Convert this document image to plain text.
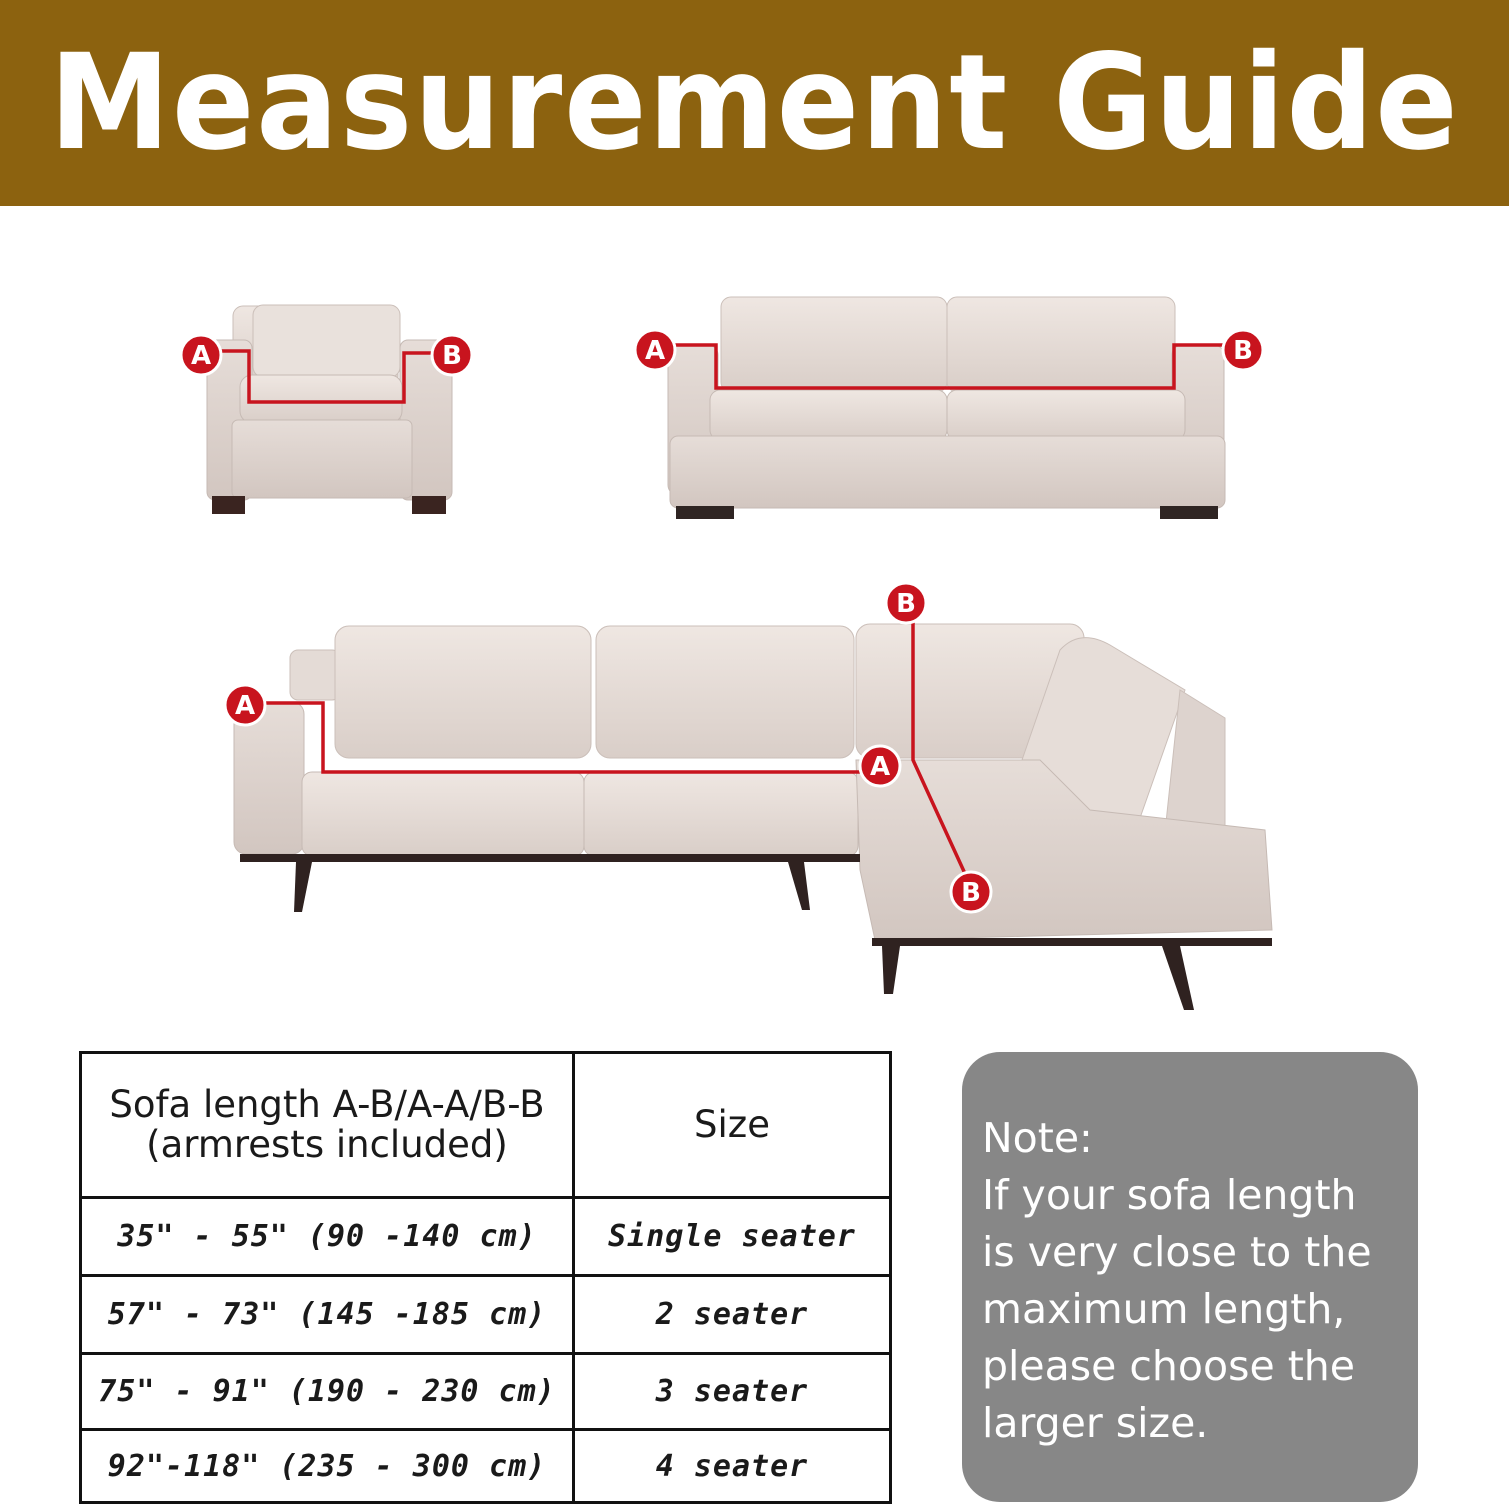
Measurement Guide
A	B	A	B
A
A
B
B
Sofa length A-B/A-A/B-B
(armrests included)	Size
35" - 55" (90 -140 cm)	Single seater
57" - 73" (145 -185 cm)	2 seater
75" - 91" (190 - 230 cm)	3 seater
92"-118" (235 - 300 cm)	4 seater
Note:
If your sofa length is very close to the maximum length, please choose the larger size.
